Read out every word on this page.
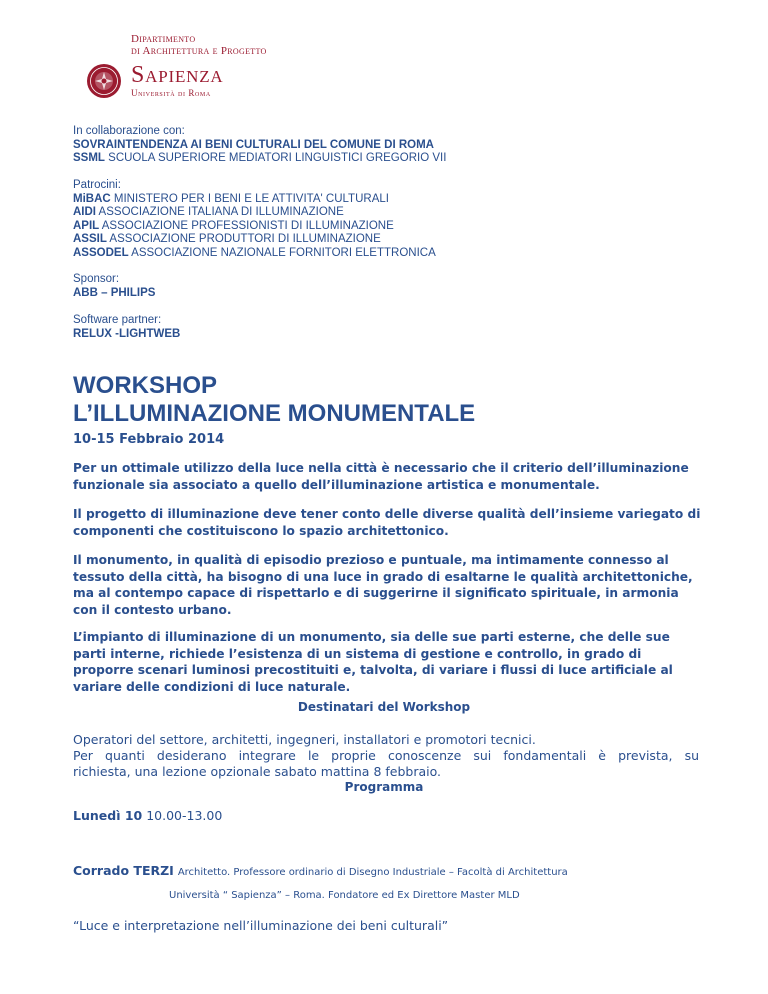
Dipartimento
di Architettura e Progetto
Sapienza
Università di Roma
In collaborazione con:
SOVRAINTENDENZA AI BENI CULTURALI DEL COMUNE DI ROMA
SSML SCUOLA SUPERIORE MEDIATORI LINGUISTICI GREGORIO VII
Patrocini:
MiBAC MINISTERO PER I BENI E LE ATTIVITA' CULTURALI
AIDI ASSOCIAZIONE ITALIANA DI ILLUMINAZIONE
APIL ASSOCIAZIONE PROFESSIONISTI DI ILLUMINAZIONE
ASSIL ASSOCIAZIONE PRODUTTORI DI ILLUMINAZIONE
ASSODEL ASSOCIAZIONE NAZIONALE FORNITORI ELETTRONICA
Sponsor:
ABB – PHILIPS
Software partner:
RELUX -LIGHTWEB
WORKSHOP
L’ILLUMINAZIONE MONUMENTALE
10-15 Febbraio 2014
Per un ottimale utilizzo della luce nella città è necessario che il criterio dell’illuminazione funzionale sia associato a quello dell’illuminazione artistica e monumentale.
Il progetto di illuminazione deve tener conto delle diverse qualità dell’insieme variegato di componenti che costituiscono lo spazio architettonico.
Il monumento, in qualità di episodio prezioso e puntuale, ma intimamente connesso al tessuto della città, ha bisogno di una luce in grado di esaltarne le qualità architettoniche, ma al contempo capace di rispettarlo e di suggerirne il significato spirituale, in armonia con il contesto urbano.
L’impianto di illuminazione di un monumento, sia delle sue parti esterne, che delle sue parti interne, richiede l’esistenza di un sistema di gestione e controllo, in grado di proporre scenari luminosi precostituiti e, talvolta, di variare i flussi di luce artificiale al variare delle condizioni di luce naturale.
Destinatari del Workshop
Operatori del settore, architetti, ingegneri, installatori e promotori tecnici.
Per quanti desiderano integrare le proprie conoscenze sui fondamentali è prevista, su
richiesta, una lezione opzionale sabato mattina 8 febbraio.
Programma
Lunedì 10 10.00-13.00
Corrado TERZI Architetto. Professore ordinario di Disegno Industriale – Facoltà di Architettura
Università “ Sapienza” – Roma. Fondatore ed Ex Direttore Master MLD
“Luce e interpretazione nell’illuminazione dei beni culturali”
